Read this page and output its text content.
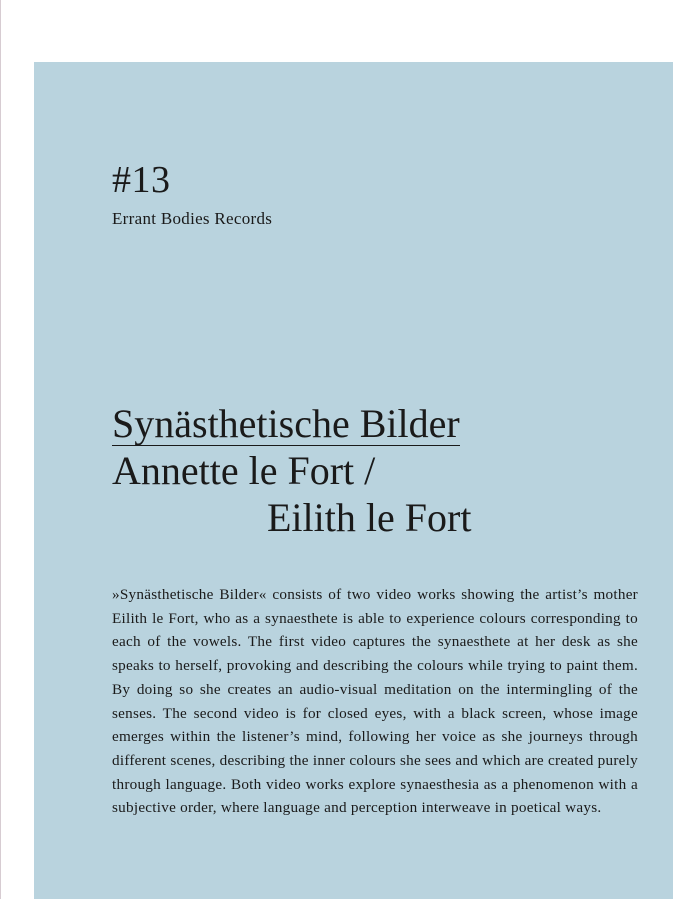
#13
Errant Bodies Records
Synästhetische Bilder
Annette le Fort /
Eilith le Fort

»Synästhetische Bilder« consists of two video works showing the artist’s mother Eilith le Fort, who as a synaesthete is able to experience colours corresponding to each of the vowels. The first video captures the synaesthete at her desk as she speaks to herself, provoking and describing the colours while trying to paint them. By doing so she creates an audio-visual meditation on the intermingling of the senses. The second video is for closed eyes, with a black screen, whose image emerges within the listener’s mind, following her voice as she journeys through different scenes, describing the inner colours she sees and which are created purely through language. Both video works explore synaesthesia as a phenomenon with a subjective order, where language and perception interweave in poetical ways.
